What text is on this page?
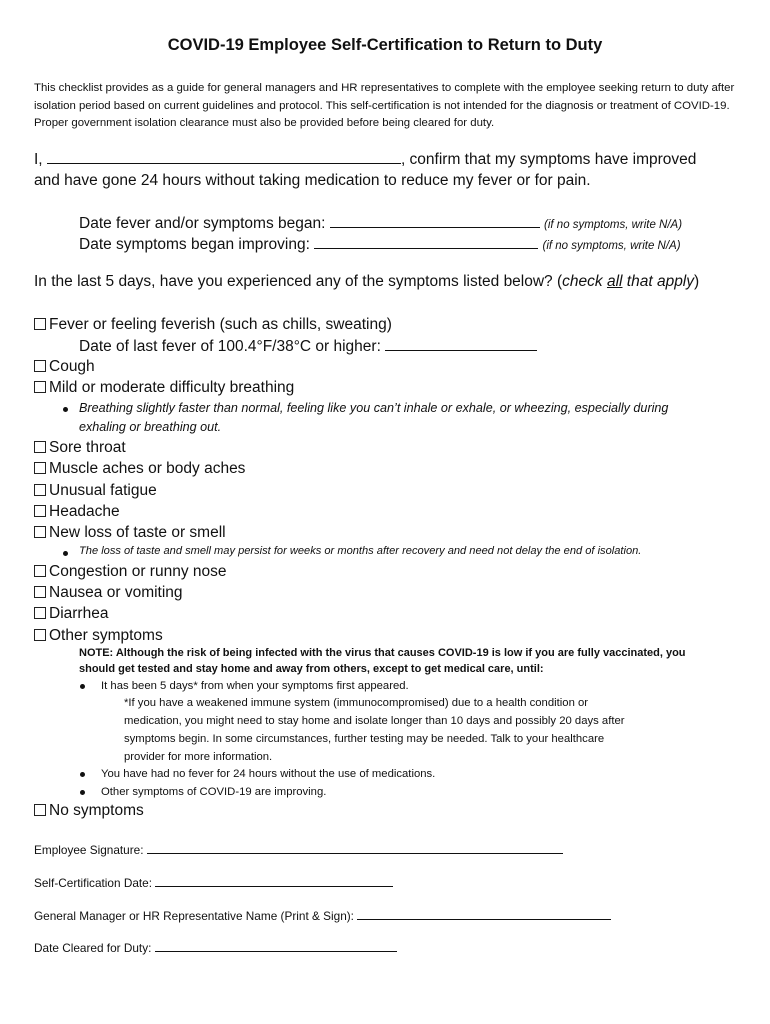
COVID-19 Employee Self-Certification to Return to Duty
This checklist provides as a guide for general managers and HR representatives to complete with the employee seeking return to duty after isolation period based on current guidelines and protocol. This self-certification is not intended for the diagnosis or treatment of COVID-19. Proper government isolation clearance must also be provided before being cleared for duty.
I,	, confirm that my symptoms have improved
and have gone 24 hours without taking medication to reduce my fever or for pain.
Date fever and/or symptoms began:	(if no symptoms, write N/A)
Date symptoms began improving:	(if no symptoms, write N/A)
In the last 5 days, have you experienced any of the symptoms listed below? (check all that apply)
Fever or feeling feverish (such as chills, sweating)
Date of last fever of 100.4°F/38°C or higher:
Cough
Mild or moderate difficulty breathing
Breathing slightly faster than normal, feeling like you can’t inhale or exhale, or wheezing, especially during
exhaling or breathing out.
Sore throat
Muscle aches or body aches
Unusual fatigue
Headache
New loss of taste or smell
The loss of taste and smell may persist for weeks or months after recovery and need not delay the end of isolation.
Congestion or runny nose
Nausea or vomiting
Diarrhea
Other symptoms
NOTE: Although the risk of being infected with the virus that causes COVID-19 is low if you are fully vaccinated, you
should get tested and stay home and away from others, except to get medical care, until:
It has been 5 days* from when your symptoms first appeared.
*If you have a weakened immune system (immunocompromised) due to a health condition or
medication, you might need to stay home and isolate longer than 10 days and possibly 20 days after
symptoms begin. In some circumstances, further testing may be needed. Talk to your healthcare
provider for more information.
You have had no fever for 24 hours without the use of medications.
Other symptoms of COVID-19 are improving.
No symptoms
Employee Signature:
Self-Certification Date:
General Manager or HR Representative Name (Print & Sign):
Date Cleared for Duty:
